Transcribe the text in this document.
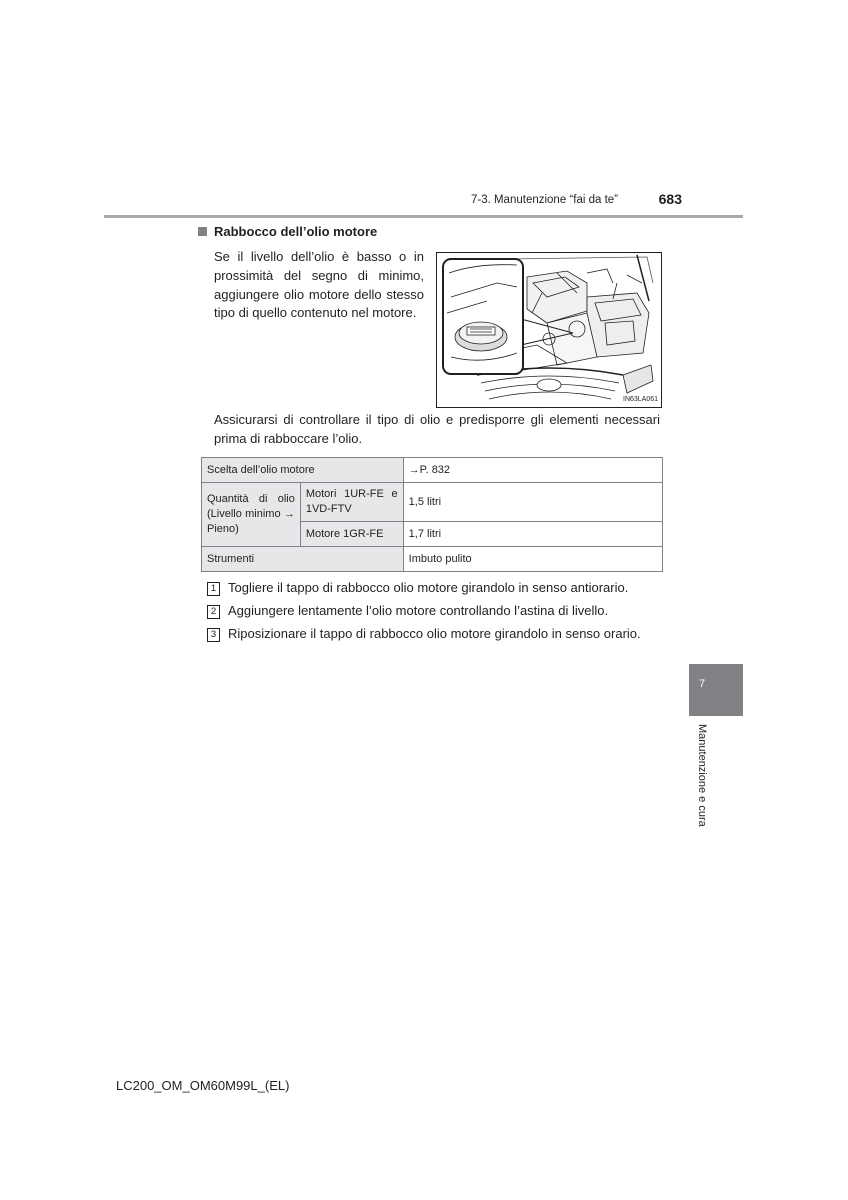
7-3. Manutenzione “fai da te”	683
Rabbocco dell’olio motore
Se il livello dell’olio è basso o in prossimità del segno di minimo, aggiungere olio motore dello stesso tipo di quello contenuto nel motore.
IN63LA061
Assicurarsi di controllare il tipo di olio e predisporre gli elementi necessari prima di rabboccare l’olio.
Scelta dell’olio motore		→P. 832
Quantità di olio (Livello minimo → Pieno)	Motori 1UR-FE e 1VD-FTV	1,5 litri
	Motore 1GR-FE	1,7 litri
Strumenti		Imbuto pulito
1 Togliere il tappo di rabbocco olio motore girandolo in senso antiorario.
2 Aggiungere lentamente l’olio motore controllando l’astina di livello.
3 Riposizionare il tappo di rabbocco olio motore girandolo in senso orario.
7
Manutenzione e cura
LC200_OM_OM60M99L_(EL)
